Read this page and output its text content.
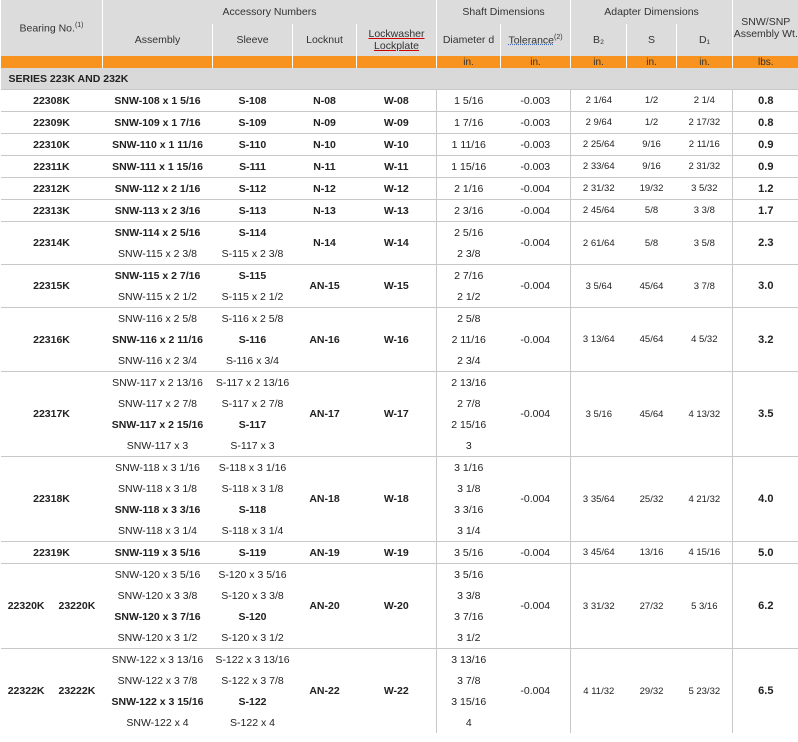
Bearing No.$^{(1)}$	Accessory Numbers				Shaft Dimensions		Adapter Dimensions			SNW/SNP Assembly Wt.
	Assembly	Sleeve	Locknut	Lockwasher Lockplate	Diameter d	Tolerance$^{(2)}$	B₂	S	D₁	
					in.	in.	in.	in.	in.	lbs.
SERIES 223K AND 232K										
22308K	SNW-108 x 1 5/16	S-108	N-08	W-08	1 5/16	-0.003	2 1/64	1/2	2 1/4	0.8
22309K	SNW-109 x 1 7/16	S-109	N-09	W-09	1 7/16	-0.003	2 9/64	1/2	2 17/32	0.8
22310K	SNW-110 x 1 11/16	S-110	N-10	W-10	1 11/16	-0.003	2 25/64	9/16	2 11/16	0.9
22311K	SNW-111 x 1 15/16	S-111	N-11	W-11	1 15/16	-0.003	2 33/64	9/16	2 31/32	0.9
22312K	SNW-112 x 2 1/16	S-112	N-12	W-12	2 1/16	-0.004	2 31/32	19/32	3 5/32	1.2
22313K	SNW-113 x 2 3/16	S-113	N-13	W-13	2 3/16	-0.004	2 45/64	5/8	3 3/8	1.7
22314K	SNW-114 x 2 5/16	S-114	N-14	W-14	2 5/16	-0.004	2 61/64	5/8	3 5/8	2.3
	SNW-115 x 2 3/8	S-115 x 2 3/8			2 3/8					
22315K	SNW-115 x 2 7/16	S-115	AN-15	W-15	2 7/16	-0.004	3 5/64	45/64	3 7/8	3.0
	SNW-115 x 2 1/2	S-115 x 2 1/2			2 1/2					
22316K	SNW-116 x 2 5/8	S-116 x 2 5/8	AN-16	W-16	2 5/8	-0.004	3 13/64	45/64	4 5/32	3.2
	SNW-116 x 2 11/16	S-116			2 11/16					
	SNW-116 x 2 3/4	S-116 x 3/4			2 3/4					
22317K	SNW-117 x 2 13/16	S-117 x 2 13/16	AN-17	W-17	2 13/16	-0.004	3 5/16	45/64	4 13/32	3.5
	SNW-117 x 2 7/8	S-117 x 2 7/8			2 7/8					
	SNW-117 x 2 15/16	S-117			2 15/16					
	SNW-117 x 3	S-117 x 3			3					
22318K	SNW-118 x 3 1/16	S-118 x 3 1/16	AN-18	W-18	3 1/16	-0.004	3 35/64	25/32	4 21/32	4.0
	SNW-118 x 3 1/8	S-118 x 3 1/8			3 1/8					
	SNW-118 x 3 3/16	S-118			3 3/16					
	SNW-118 x 3 1/4	S-118 x 3 1/4			3 1/4					
22319K	SNW-119 x 3 5/16	S-119	AN-19	W-19	3 5/16	-0.004	3 45/64	13/16	4 15/16	5.0
22320K 23220K	SNW-120 x 3 5/16	S-120 x 3 5/16	AN-20	W-20	3 5/16	-0.004	3 31/32	27/32	5 3/16	6.2
	SNW-120 x 3 3/8	S-120 x 3 3/8			3 3/8					
	SNW-120 x 3 7/16	S-120			3 7/16					
	SNW-120 x 3 1/2	S-120 x 3 1/2			3 1/2					
22322K 23222K	SNW-122 x 3 13/16	S-122 x 3 13/16	AN-22	W-22	3 13/16	-0.004	4 11/32	29/32	5 23/32	6.5
	SNW-122 x 3 7/8	S-122 x 3 7/8			3 7/8					
	SNW-122 x 3 15/16	S-122			3 15/16					
	SNW-122 x 4	S-122 x 4			4					
